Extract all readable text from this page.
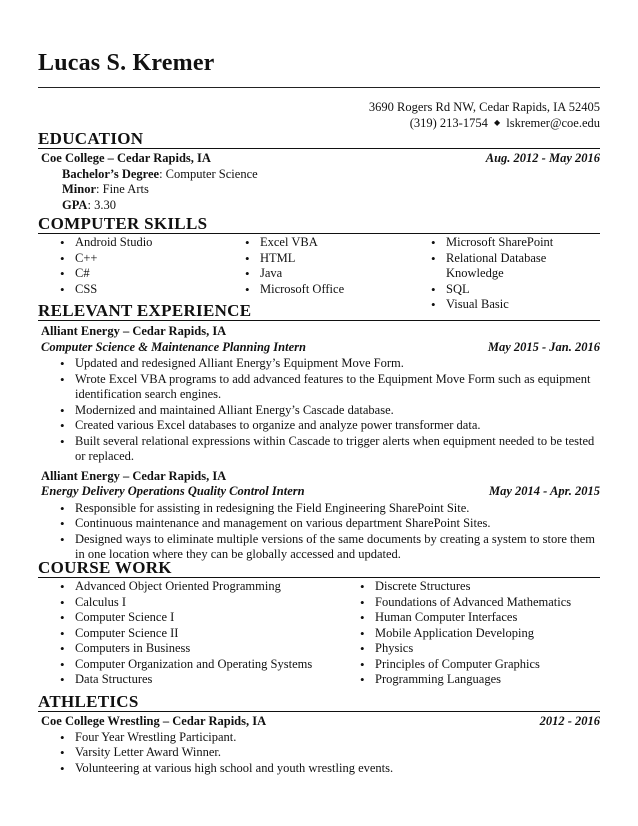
Lucas S. Kremer
3690 Rogers Rd NW, Cedar Rapids, IA 52405
(319) 213-1754 ◆ lskremer@coe.edu
EDUCATION
Coe College – Cedar Rapids, IA	Aug. 2012 - May 2016
Bachelor’s Degree: Computer Science
Minor: Fine Arts
GPA: 3.30
COMPUTER SKILLS
• Android Studio
• C++
• C#
• CSS
• Excel VBA
• HTML
• Java
• Microsoft Office
• Microsoft SharePoint
• Relational Database Knowledge
• SQL
• Visual Basic
RELEVANT EXPERIENCE
Alliant Energy – Cedar Rapids, IA
Computer Science & Maintenance Planning Intern	May 2015 - Jan. 2016
• Updated and redesigned Alliant Energy’s Equipment Move Form.
• Wrote Excel VBA programs to add advanced features to the Equipment Move Form such as equipment identification search engines.
• Modernized and maintained Alliant Energy’s Cascade database.
• Created various Excel databases to organize and analyze power transformer data.
• Built several relational expressions within Cascade to trigger alerts when equipment needed to be tested or replaced.
Alliant Energy – Cedar Rapids, IA
Energy Delivery Operations Quality Control Intern	May 2014 - Apr. 2015
• Responsible for assisting in redesigning the Field Engineering SharePoint Site.
• Continuous maintenance and management on various department SharePoint Sites.
• Designed ways to eliminate multiple versions of the same documents by creating a system to store them in one location where they can be globally accessed and updated.
COURSE WORK
• Advanced Object Oriented Programming
• Calculus I
• Computer Science I
• Computer Science II
• Computers in Business
• Computer Organization and Operating Systems
• Data Structures
• Discrete Structures
• Foundations of Advanced Mathematics
• Human Computer Interfaces
• Mobile Application Developing
• Physics
• Principles of Computer Graphics
• Programming Languages
ATHLETICS
Coe College Wrestling – Cedar Rapids, IA	2012 - 2016
• Four Year Wrestling Participant.
• Varsity Letter Award Winner.
• Volunteering at various high school and youth wrestling events.
